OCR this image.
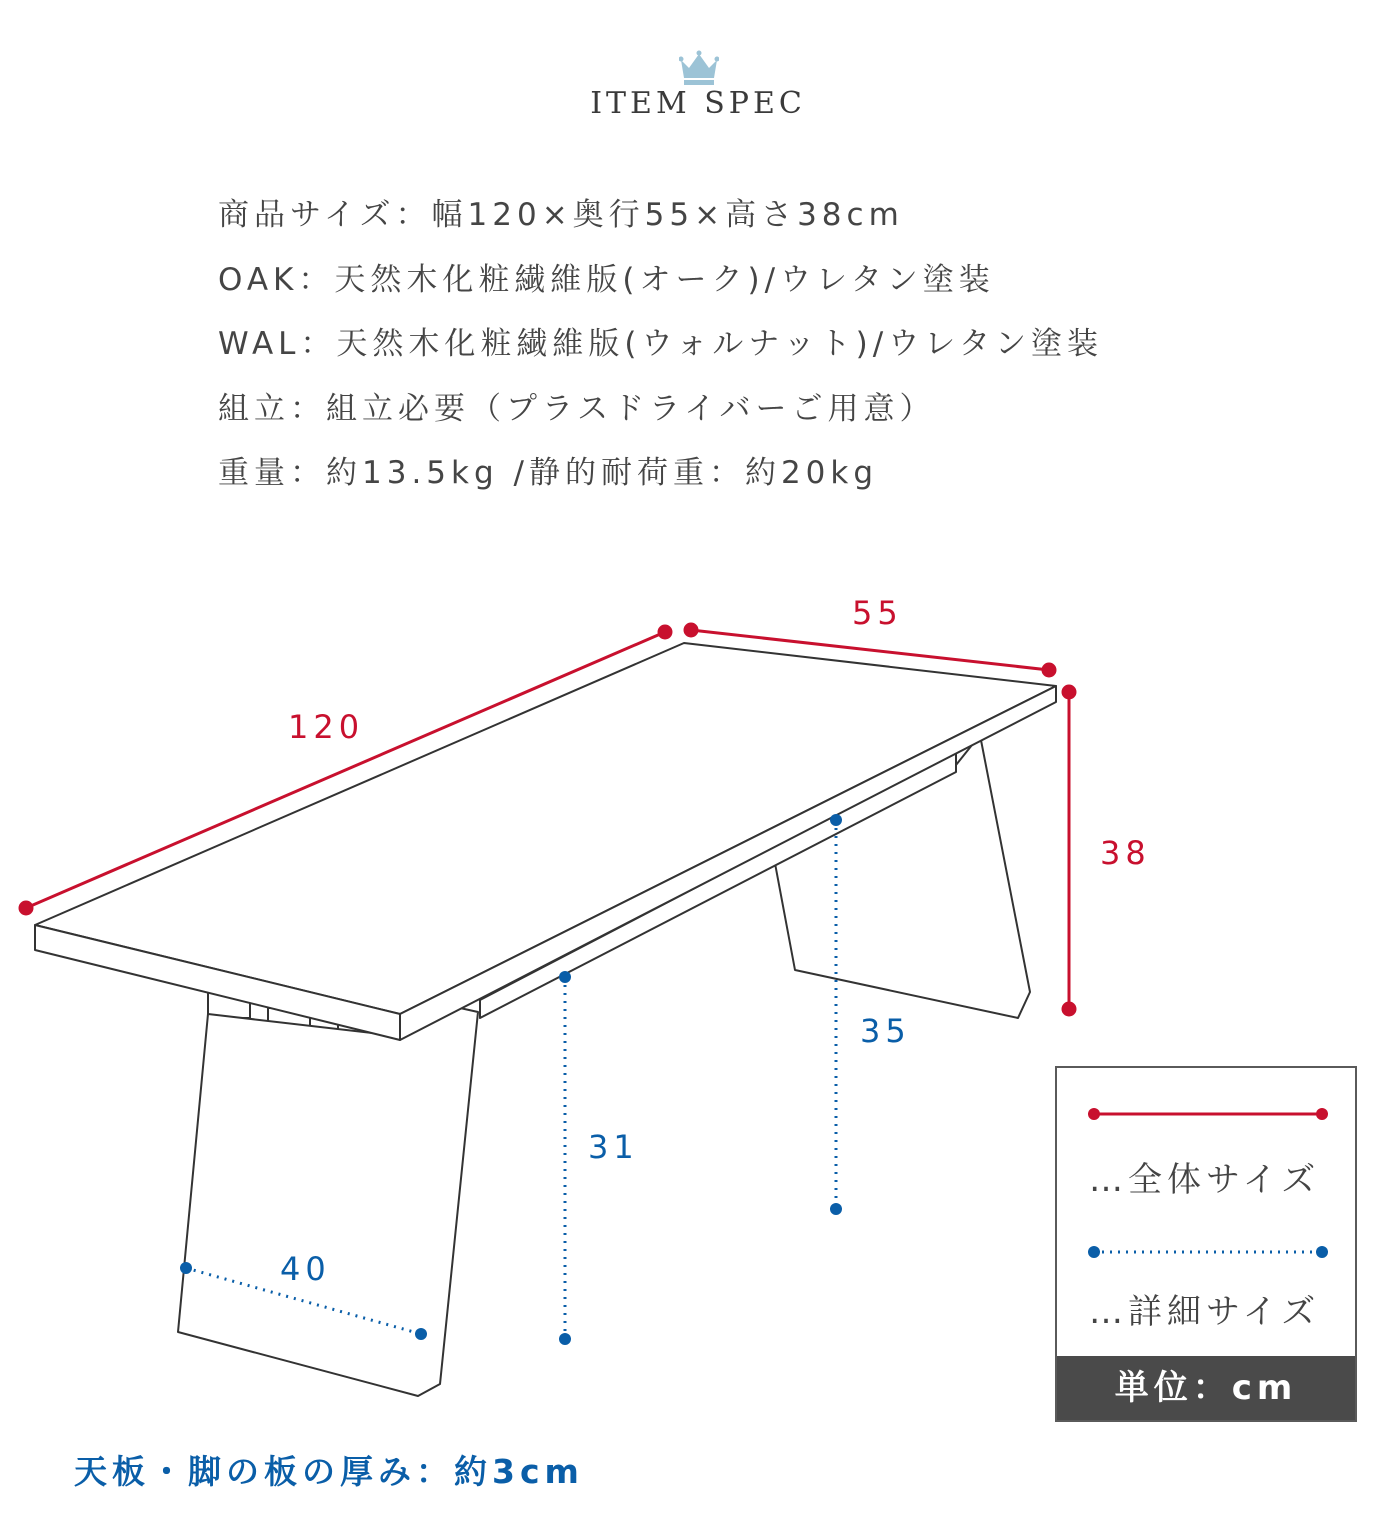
ITEM SPEC
商品サイズ：幅120×奥行55×高さ38cm
OAK：天然木化粧繊維版(オーク)/ウレタン塗装
WAL：天然木化粧繊維版(ウォルナット)/ウレタン塗装
組立：組立必要（プラスドライバーご用意）
重量：約13.5kg /静的耐荷重：約20kg
120
55
38
40
31
35
…全体サイズ
…詳細サイズ
単位：cm
天板・脚の板の厚み：約3cm
